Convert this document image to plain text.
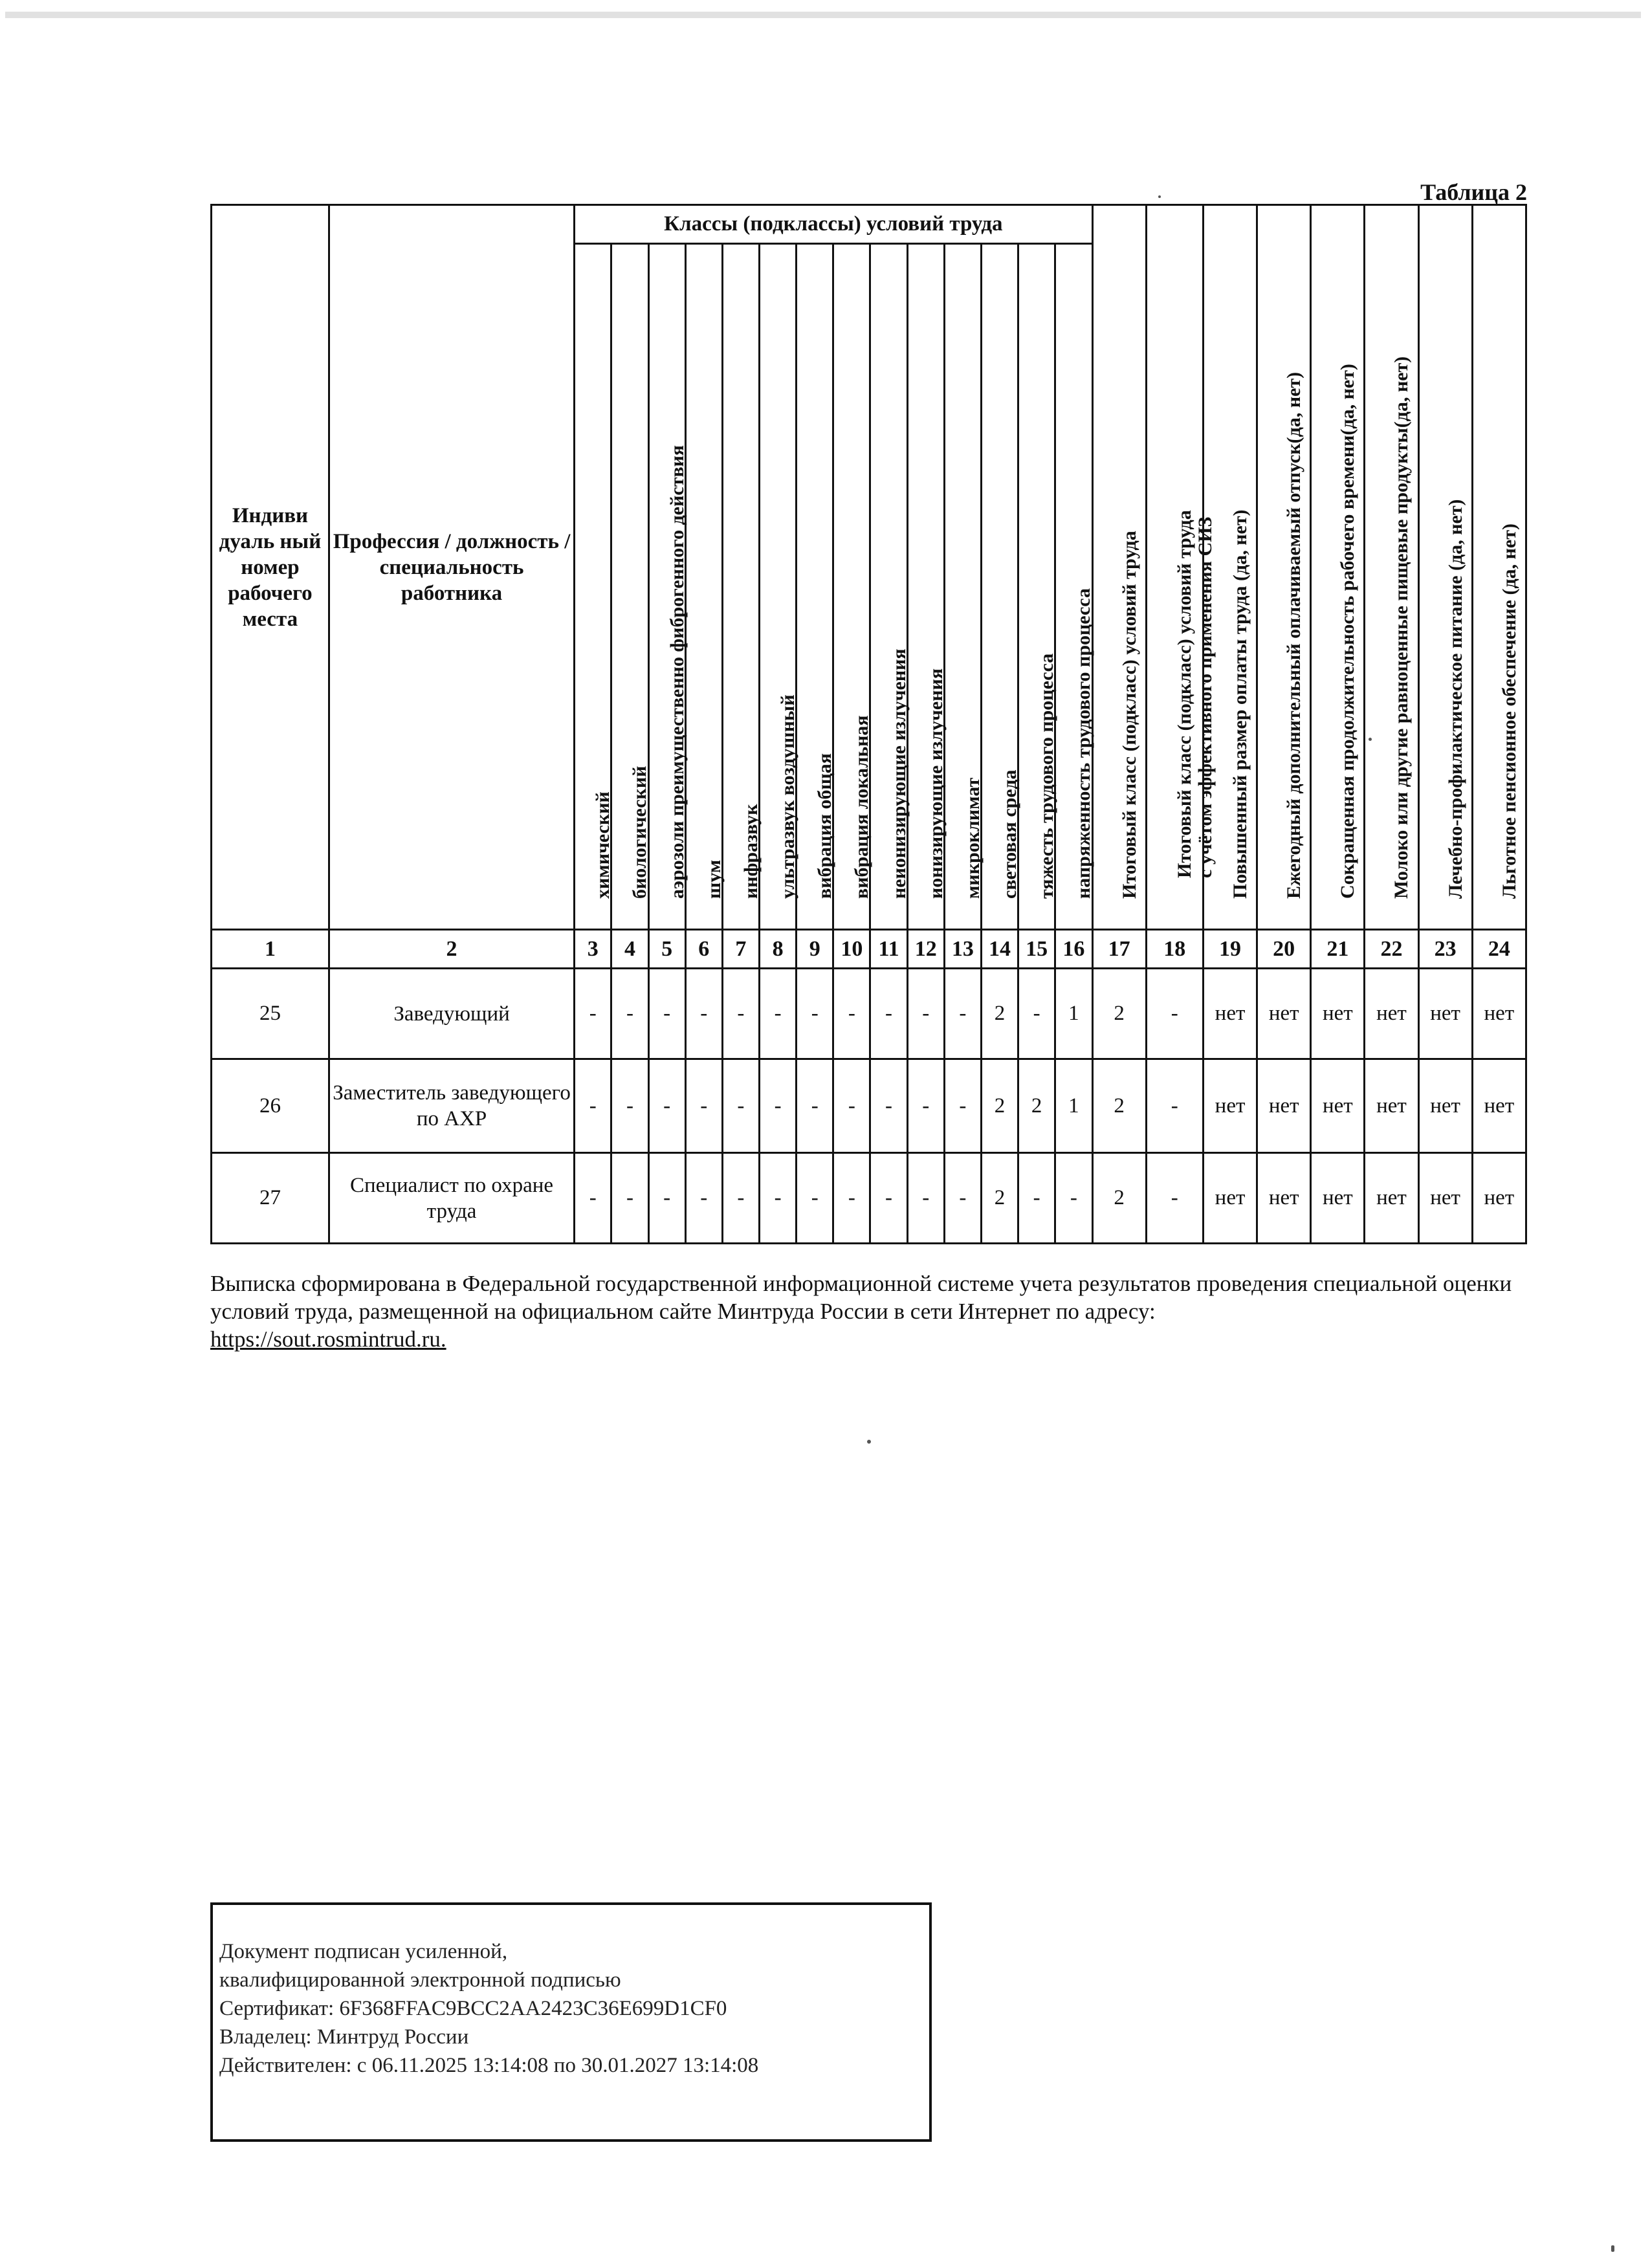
Таблица 2
Индиви дуаль ный номер рабочего места	Профессия / должность / специальность работника	Классы (подклассы) условий труда														Итоговый класс (подкласс) условий труда	Итоговый класс (подкласс) условий труда с учётом эффективного применения СИЗ	Повышенный размер оплаты труда (да, нет)	Ежегодный дополнительный оплачиваемый отпуск(да, нет)	Сокращенная продолжительность рабочего времени(да, нет)	Молоко или другие равноценные пищевые продукты(да, нет)	Лечебно-профилактическое питание (да, нет)	Льготное пенсионное обеспечение (да, нет)

		химический	биологический	аэрозоли преимущественно фиброгенного действия	шум	инфразвук	ультразвук воздушный	вибрация общая	вибрация локальная	неионизирующие излучения	ионизирующие излучения	микроклимат	световая среда	тяжесть трудового процесса	напряженность трудового процесса								

1	2	3	4	5	6	7	8	9	10	11	12	13	14	15	16	17	18	19	20	21	22	23	24
25	Заведующий	-	-	-	-	-	-	-	-	-	-	-	2	-	1	2	-	нет	нет	нет	нет	нет	нет
26	Заместитель заведующего по АХР	-	-	-	-	-	-	-	-	-	-	-	2	2	1	2	-	нет	нет	нет	нет	нет	нет
27	Специалист по охране труда	-	-	-	-	-	-	-	-	-	-	-	2	-	-	2	-	нет	нет	нет	нет	нет	нет
Выписка сформирована в Федеральной государственной информационной системе учета результатов проведения специальной оценки условий труда, размещенной на официальном сайте Минтруда России в сети Интернет по адресу:
https://sout.rosmintrud.ru.
Документ подписан усиленной,
квалифицированной электронной подписью
Сертификат: 6F368FFAC9BCC2AA2423C36E699D1CF0
Владелец: Минтруд России
Действителен: с 06.11.2025 13:14:08 по 30.01.2027 13:14:08
